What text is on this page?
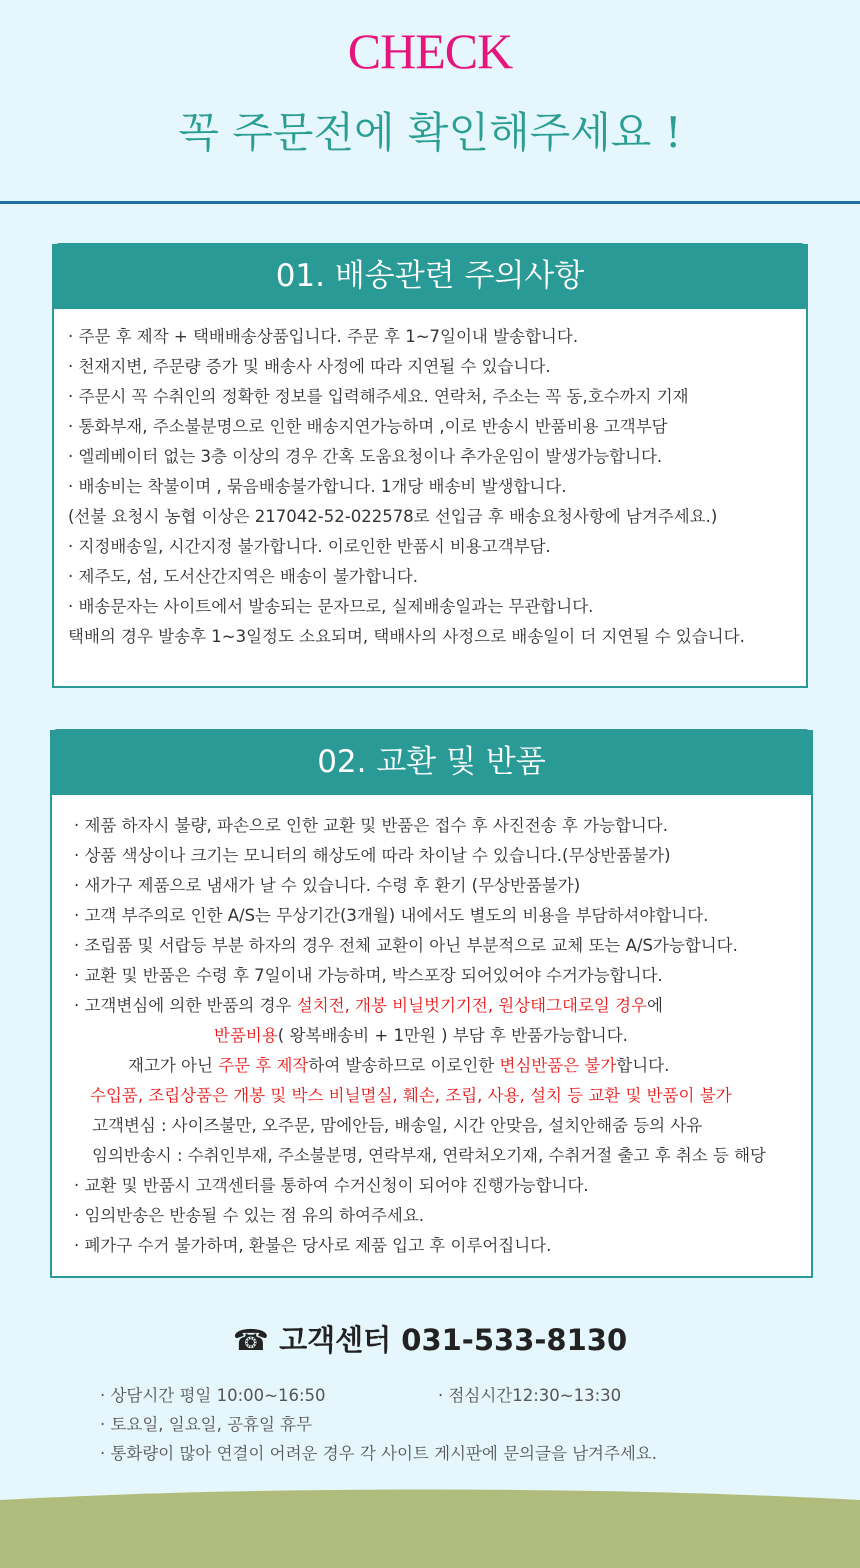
CHECK
꼭 주문전에 확인해주세요 !
01. 배송관련 주의사항
· 주문 후 제작 + 택배배송상품입니다. 주문 후 1~7일이내 발송합니다.
· 천재지변, 주문량 증가 및 배송사 사정에 따라 지연될 수 있습니다.
· 주문시 꼭 수취인의 정확한 정보를 입력해주세요. 연락처, 주소는 꼭 동,호수까지 기재
· 통화부재, 주소불분명으로 인한 배송지연가능하며 ,이로 반송시 반품비용 고객부담
· 엘레베이터 없는 3층 이상의 경우 간혹 도움요청이나 추가운임이 발생가능합니다.
· 배송비는 착불이며 , 묶음배송불가합니다. 1개당 배송비 발생합니다.
(선불 요청시 농협 이상은 217042-52-022578로 선입금 후 배송요청사항에 남겨주세요.)
· 지정배송일, 시간지정 불가합니다. 이로인한 반품시 비용고객부담.
· 제주도, 섬, 도서산간지역은 배송이 불가합니다.
· 배송문자는 사이트에서 발송되는 문자므로, 실제배송일과는 무관합니다.
택배의 경우 발송후 1~3일정도 소요되며, 택배사의 사정으로 배송일이 더 지연될 수 있습니다.
02. 교환 및 반품
· 제품 하자시 불량, 파손으로 인한 교환 및 반품은 접수 후 사진전송 후 가능합니다.
· 상품 색상이나 크기는 모니터의 해상도에 따라 차이날 수 있습니다.(무상반품불가)
· 새가구 제품으로 냄새가 날 수 있습니다. 수령 후 환기 (무상반품불가)
· 고객 부주의로 인한 A/S는 무상기간(3개월) 내에서도 별도의 비용을 부담하셔야합니다.
· 조립품 및 서랍등 부분 하자의 경우 전체 교환이 아닌 부분적으로 교체 또는 A/S가능합니다.
· 교환 및 반품은 수령 후 7일이내 가능하며, 박스포장 되어있어야 수거가능합니다.
· 고객변심에 의한 반품의 경우 설치전, 개봉 비닐벗기기전, 원상태그대로일 경우에
반품비용( 왕복배송비 + 1만원 ) 부담 후 반품가능합니다.
재고가 아닌 주문 후 제작하여 발송하므로 이로인한 변심반품은 불가합니다.
수입품, 조립상품은 개봉 및 박스 비닐멸실, 훼손, 조립, 사용, 설치 등 교환 및 반품이 불가
고객변심 : 사이즈불만, 오주문, 맘에안듬, 배송일, 시간 안맞음, 설치안해줌 등의 사유
임의반송시 : 수취인부재, 주소불분명, 연락부재, 연락처오기재, 수취거절 출고 후 취소 등 해당
· 교환 및 반품시 고객센터를 통하여 수거신청이 되어야 진행가능합니다.
· 임의반송은 반송될 수 있는 점 유의 하여주세요.
· 폐가구 수거 불가하며, 환불은 당사로 제품 입고 후 이루어집니다.
☎ 고객센터 031-533-8130
· 상담시간 평일 10:00~16:50	· 점심시간12:30~13:30
· 토요일, 일요일, 공휴일 휴무
· 통화량이 많아 연결이 어려운 경우 각 사이트 게시판에 문의글을 남겨주세요.
